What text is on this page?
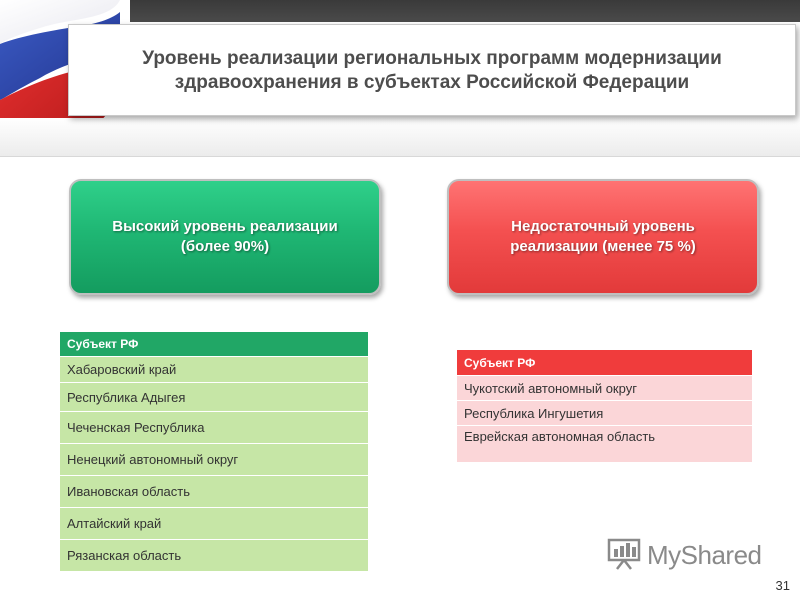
Уровень реализации региональных программ модернизации
здравоохранения в субъектах Российской Федерации
Высокий уровень реализации
(более 90%)
Недостаточный уровень
реализации (менее 75 %)
Субъект РФ
Хабаровский край
Республика Адыгея
Чеченская Республика
Ненецкий автономный округ
Ивановская область
Алтайский край
Рязанская область
Субъект РФ
Чукотский автономный округ
Республика Ингушетия
Еврейская автономная область
MyShared
31
